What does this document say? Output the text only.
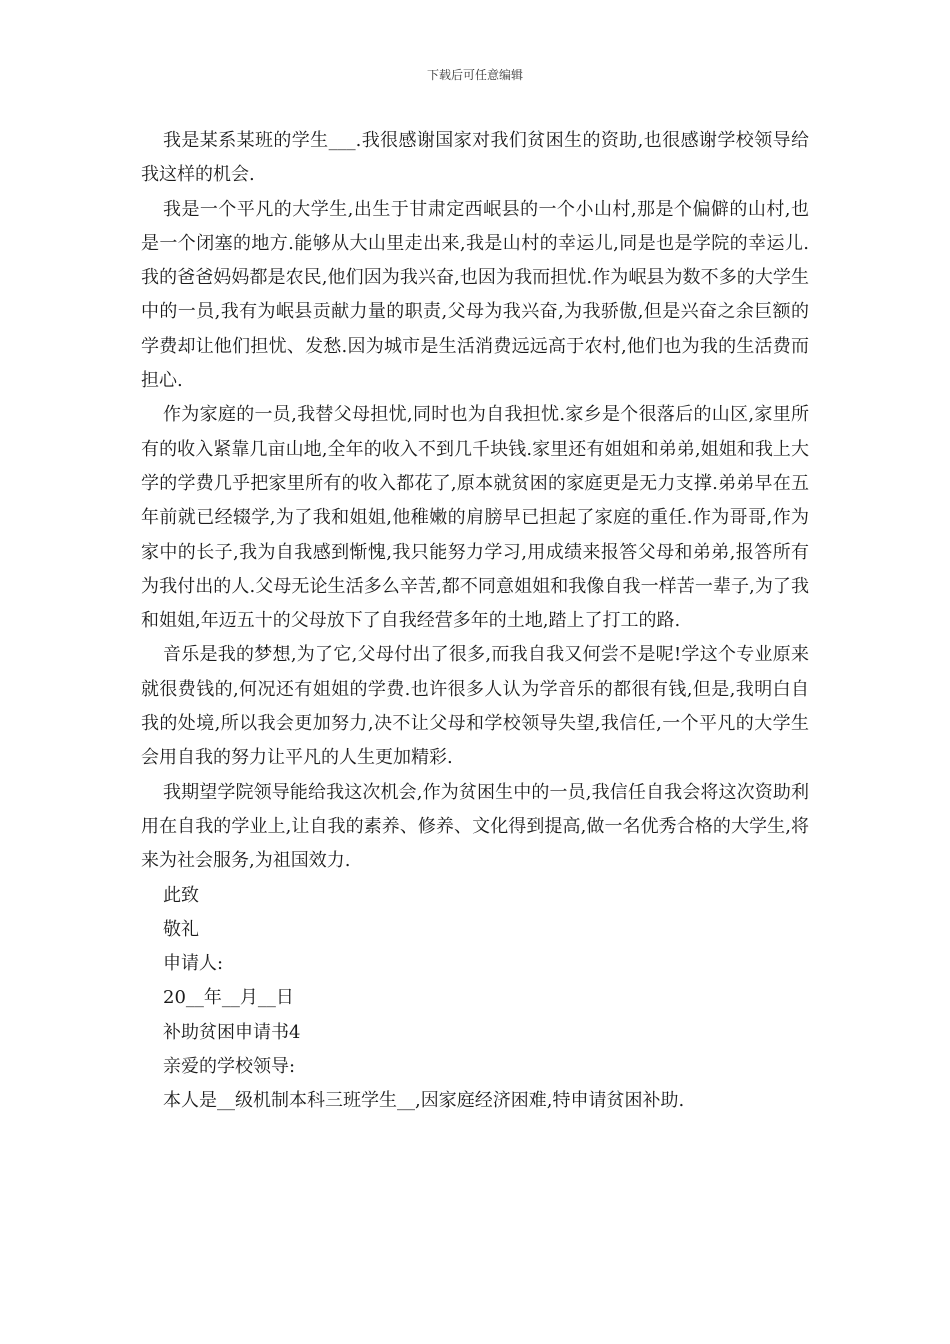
下载后可任意编辑

我是某系某班的学生___.我很感谢国家对我们贫困生的资助,也很感谢学校领导给我这样的机会.

我是一个平凡的大学生,出生于甘肃定西岷县的一个小山村,那是个偏僻的山村,也是一个闭塞的地方.能够从大山里走出来,我是山村的幸运儿,同是也是学院的幸运儿.我的爸爸妈妈都是农民,他们因为我兴奋,也因为我而担忧.作为岷县为数不多的大学生中的一员,我有为岷县贡献力量的职责,父母为我兴奋,为我骄傲,但是兴奋之余巨额的学费却让他们担忧、发愁.因为城市是生活消费远远高于农村,他们也为我的生活费而担心.

作为家庭的一员,我替父母担忧,同时也为自我担忧.家乡是个很落后的山区,家里所有的收入紧靠几亩山地,全年的收入不到几千块钱.家里还有姐姐和弟弟,姐姐和我上大学的学费几乎把家里所有的收入都花了,原本就贫困的家庭更是无力支撑.弟弟早在五年前就已经辍学,为了我和姐姐,他稚嫩的肩膀早已担起了家庭的重任.作为哥哥,作为家中的长子,我为自我感到惭愧,我只能努力学习,用成绩来报答父母和弟弟,报答所有为我付出的人.父母无论生活多么辛苦,都不同意姐姐和我像自我一样苦一辈子,为了我和姐姐,年迈五十的父母放下了自我经营多年的土地,踏上了打工的路.

音乐是我的梦想,为了它,父母付出了很多,而我自我又何尝不是呢!学这个专业原来就很费钱的,何况还有姐姐的学费.也许很多人认为学音乐的都很有钱,但是,我明白自我的处境,所以我会更加努力,决不让父母和学校领导失望,我信任,一个平凡的大学生会用自我的努力让平凡的人生更加精彩.

我期望学院领导能给我这次机会,作为贫困生中的一员,我信任自我会将这次资助利用在自我的学业上,让自我的素养、修养、文化得到提高,做一名优秀合格的大学生,将来为社会服务,为祖国效力.

此致

敬礼

申请人:

20__年__月__日

补助贫困申请书4

亲爱的学校领导:

本人是__级机制本科三班学生__,因家庭经济困难,特申请贫困补助.
